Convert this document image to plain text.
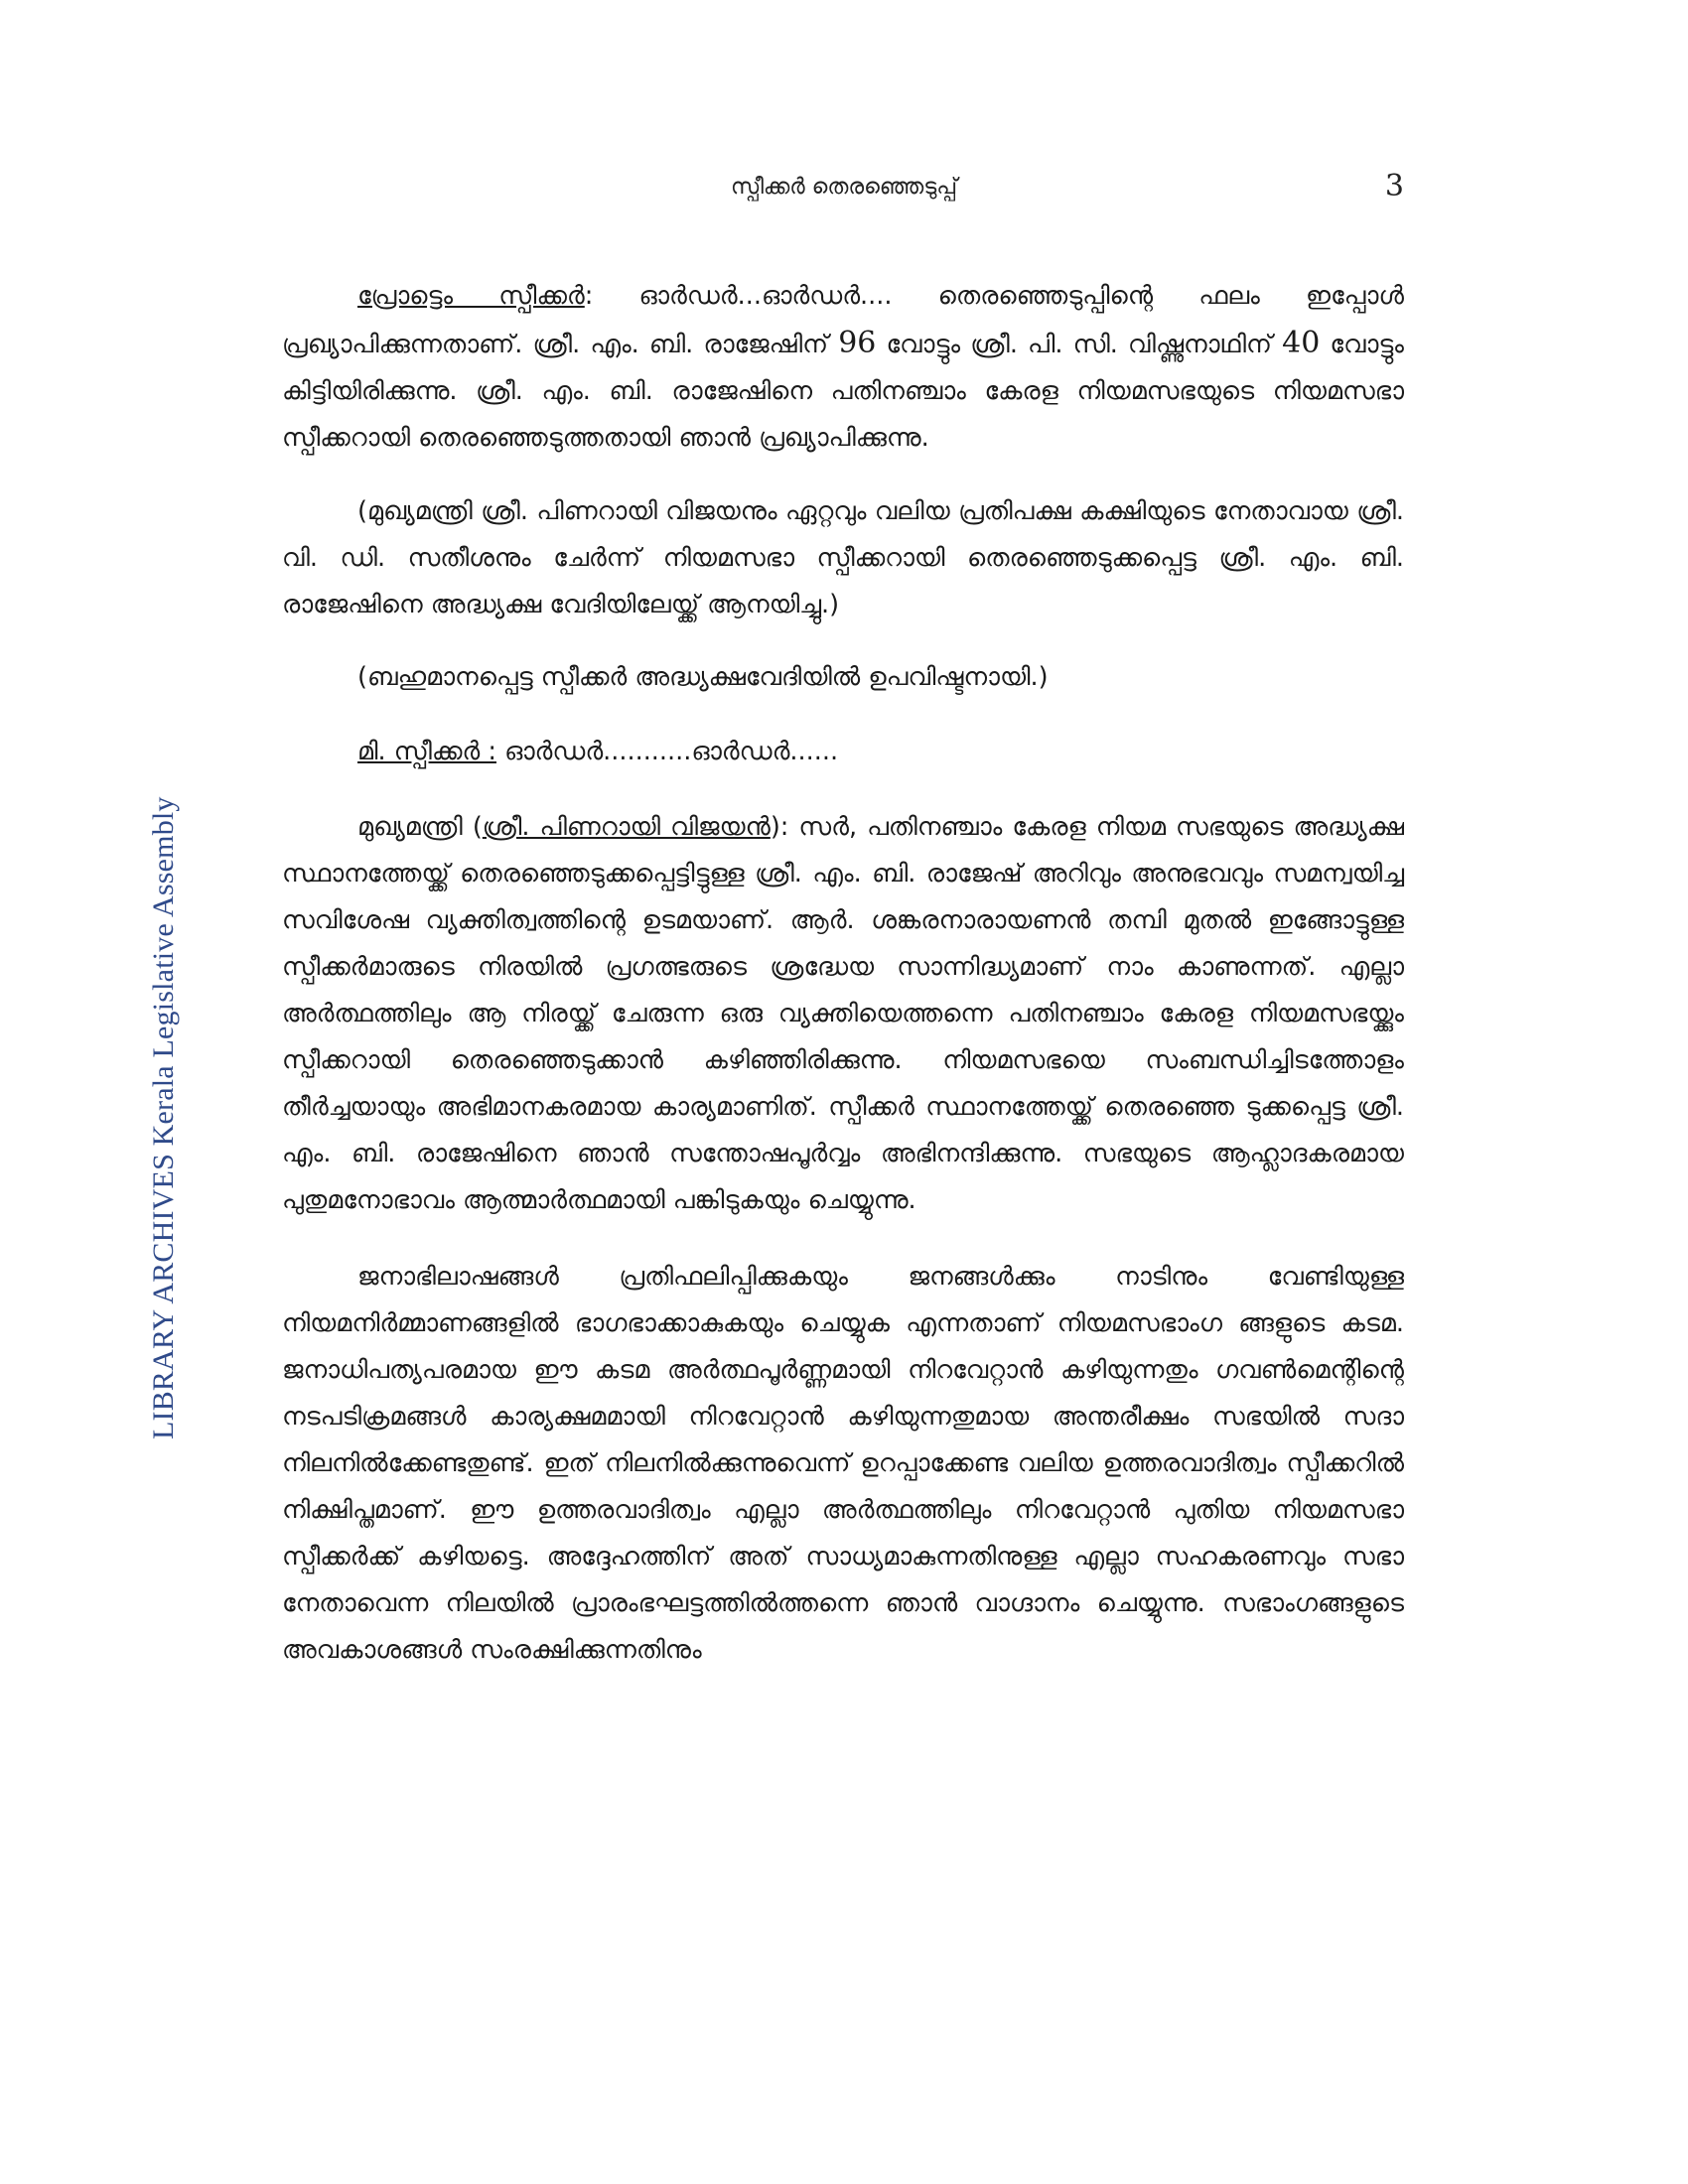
സ്പീക്കർ തെരഞ്ഞെടുപ്പ്	3
LIBRARY ARCHIVES Kerala Legislative Assembly

പ്രോട്ടെം സ്പീക്കർ: ഓർഡർ...ഓർഡർ.... തെരഞ്ഞെടുപ്പിന്റെ ഫലം ഇപ്പോൾ പ്രഖ്യാപിക്കുന്നതാണ്. ശ്രീ. എം. ബി. രാജേഷിന് 96 വോട്ടും ശ്രീ. പി. സി. വിഷ്ണുനാഥിന് 40 വോട്ടും കിട്ടിയിരിക്കുന്നു. ശ്രീ. എം. ബി. രാജേഷിനെ പതിനഞ്ചാം കേരള നിയമസഭയുടെ നിയമസഭാ സ്പീക്കറായി തെരഞ്ഞെടുത്തതായി ഞാൻ പ്രഖ്യാപിക്കുന്നു.

(മുഖ്യമന്ത്രി ശ്രീ. പിണറായി വിജയനും ഏറ്റവും വലിയ പ്രതിപക്ഷ കക്ഷിയുടെ നേതാവായ ശ്രീ. വി. ഡി. സതീശനും ചേർന്ന് നിയമസഭാ സ്പീക്കറായി തെരഞ്ഞെടുക്കപ്പെട്ട ശ്രീ. എം. ബി. രാജേഷിനെ അദ്ധ്യക്ഷ വേദിയിലേയ്ക്ക് ആനയിച്ചു.)

(ബഹുമാനപ്പെട്ട സ്പീക്കർ അദ്ധ്യക്ഷവേദിയിൽ ഉപവിഷ്ടനായി.)

മി. സ്പീക്കർ : ഓർഡർ...........ഓർഡർ......

മുഖ്യമന്ത്രി (ശ്രീ. പിണറായി വിജയൻ): സർ, പതിനഞ്ചാം കേരള നിയമ സഭയുടെ അദ്ധ്യക്ഷ സ്ഥാനത്തേയ്ക്ക് തെരഞ്ഞെടുക്കപ്പെട്ടിട്ടുള്ള ശ്രീ. എം. ബി. രാജേഷ് അറിവും അനുഭവവും സമന്വയിച്ച സവിശേഷ വ്യക്തിത്വത്തിന്റെ ഉടമയാണ്. ആർ. ശങ്കരനാരായണൻ തമ്പി മുതൽ ഇങ്ങോട്ടുള്ള സ്പീക്കർമാരുടെ നിരയിൽ പ്രഗത്ഭരുടെ ശ്രദ്ധേയ സാന്നിദ്ധ്യമാണ് നാം കാണുന്നത്. എല്ലാ അർത്ഥത്തിലും ആ നിരയ്ക്ക് ചേരുന്ന ഒരു വ്യക്തിയെത്തന്നെ പതിനഞ്ചാം കേരള നിയമസഭയ്ക്കും സ്പീക്കറായി തെരഞ്ഞെടുക്കാൻ കഴിഞ്ഞിരിക്കുന്നു. നിയമസഭയെ സംബന്ധിച്ചിടത്തോളം തീർച്ചയായും അഭിമാനകരമായ കാര്യമാണിത്. സ്പീക്കർ സ്ഥാനത്തേയ്ക്ക് തെരഞ്ഞെ ടുക്കപ്പെട്ട ശ്രീ. എം. ബി. രാജേഷിനെ ഞാൻ സന്തോഷപൂർവ്വം അഭിനന്ദിക്കുന്നു. സഭയുടെ ആഹ്ലാദകരമായ പുതുമനോഭാവം ആത്മാർത്ഥമായി പങ്കിടുകയും ചെയ്യുന്നു.

ജനാഭിലാഷങ്ങൾ പ്രതിഫലിപ്പിക്കുകയും ജനങ്ങൾക്കും നാടിനും വേണ്ടിയുള്ള നിയമനിർമ്മാണങ്ങളിൽ ഭാഗഭാക്കാകുകയും ചെയ്യുക എന്നതാണ് നിയമസഭാംഗ ങ്ങളുടെ കടമ. ജനാധിപത്യപരമായ ഈ കടമ അർത്ഥപൂർണ്ണമായി നിറവേറ്റാൻ കഴിയുന്നതും ഗവൺമെന്റിന്റെ നടപടിക്രമങ്ങൾ കാര്യക്ഷമമായി നിറവേറ്റാൻ കഴിയുന്നതുമായ അന്തരീക്ഷം സഭയിൽ സദാ നിലനിൽക്കേണ്ടതുണ്ട്. ഇത് നിലനിൽക്കുന്നുവെന്ന് ഉറപ്പാക്കേണ്ട വലിയ ഉത്തരവാദിത്വം സ്പീക്കറിൽ നിക്ഷിപ്തമാണ്. ഈ ഉത്തരവാദിത്വം എല്ലാ അർത്ഥത്തിലും നിറവേറ്റാൻ പുതിയ നിയമസഭാ സ്പീക്കർക്ക് കഴിയട്ടെ. അദ്ദേഹത്തിന് അത് സാധ്യമാകുന്നതിനുള്ള എല്ലാ സഹകരണവും സഭാ നേതാവെന്ന നിലയിൽ പ്രാരംഭഘട്ടത്തിൽത്തന്നെ ഞാൻ വാഗ്ദാനം ചെയ്യുന്നു. സഭാംഗങ്ങളുടെ അവകാശങ്ങൾ സംരക്ഷിക്കുന്നതിനും
